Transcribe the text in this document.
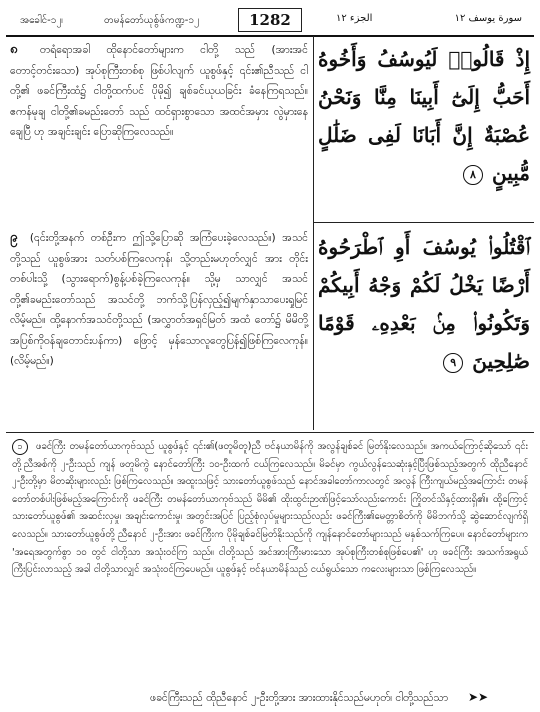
အခေါင်-၁၂၊	တမန်တော်ယုစွ်ဖ်ကဏ္ဍ-၁၂	1282	الجزء ١٢	سورة يوسف ١٢
၈ တရံရောအခါ ထိုနောင်တော်များက ငါတို့ သည် (အားအင်တောင့်တင်းသော) အုပ်စုကြီးတစ်စု ဖြစ်ပါလျက် ယူစွဖ်နှင့် ၎င်း၏ညီသည် ငါတို့၏ ဖခင်ကြီးထံ၌ ငါတို့ထက်ပင် ပိုမို၍ ချစ်ခင်ယုယခြင်း ခံနေကြရသည်။ ဧကန်မုချ ငါတို့၏ခမည်းတော် သည် ထင်ရှားစွာသော အထင်အမှား လွဲမှားနေချေပြီ ဟု အချင်းချင်း ပြောဆိုကြလေသည်။
إِذْ قَالُوا۟ لَيُوسُفُ وَأَخُوهُ أَحَبُّ إِلَىٰٓ أَبِينَا مِنَّا وَنَحْنُ عُصْبَةٌ إِنَّ أَبَانَا لَفِى ضَلَٰلٍ مُّبِينٍ ٨
၉ (၎င်းတို့အနက် တစ်ဦးက ဤသို့ပြောဆို အကြံပေးခဲ့လေသည်။) အသင်တို့သည် ယူစွဖ်အား သတ်ပစ်ကြလေကုန်၊ သို့တည်းမဟုတ်လျှင် အား တိုင်း တစ်ပါးသို့ (သွားရောက်)စွန့်ပစ်ခဲ့ကြလေကုန်။ သို့မှ သာလျှင် အသင်တို့၏ခမည်းတော်သည် အသင်တို့ ဘက်သို့ပြန်လှည့်၍မျက်နှာသာပေးရှုမြင်လိမ့်မည်။ ထို့နောက်အသင်တို့သည် (အလွှာတ်အရှင်မြတ် အထံ တော်၌ မိမိတို့အပြစ်ကိုဝန်ချတောင်းပန်ကာ) ဖြောင့် မှန်သောလူတွေပြန်၍ဖြစ်ကြလေကုန်။ (လိမ့်မည်။)
ٱقْتُلُوا۟ يُوسُفَ أَوِ ٱطْرَحُوهُ أَرْضًا يَخْلُ لَكُمْ وَجْهُ أَبِيكُمْ وَتَكُونُوا۟ مِنۢ بَعْدِهِۦ قَوْمًا صَٰلِحِينَ ٩
၁ ဖခင်ကြီး တမန်တော်ယာကုဗ်သည် ယူစွဖ်နှင့် ၎င်း၏(ဖတူမိတူ)ညီ ဗင်နယာမိန်ကို အလွန်ချစ်ခင် မြတ်နိုးလေသည်။ အကယ်ကြောင့်ဆိုသော် ၎င်းတို့ညီအစ်ကို ၂-ဦးသည် ကျန် ဖတူမိကွဲ နောင်တော်ကြီး ၁၀-ဦးထက် ငယ်ကြလေသည်။ မိခင်မှာ ကွယ်လွန်သေဆုံးနှင့်ပြီးဖြစ်သည့်အတွက် ထိုညီနောင် ၂-ဦးတို့မှာ မိတဆိုးများလည်း ဖြစ်ကြလေသည်။ အထူးသဖြင့် သားတော်ယူစွဖ်သည် နောင်အခါတော်ကာလတွင် အလွန် ကြီးကျယ်မည့်အကြောင်း တမန်တော်တစ်ပါးဖြစ်မည့်အကြောင်းကို ဖခင်ကြီး တမန်တော်ယာကုဗ်သည် မိမိ၏ ထိုးထွင်းဉာဏ်ဖြင့်သော်လည်းကောင်း ကြိုတင်သိနှင့်ထားရှိ၏။ ထို့ကြောင့် သားတော်ယူစွဖ်၏ အဆင်းလှမှု၊ အချင်းကောင်းမှု၊ အတွင်းအပြင် ပြည့်စုံလှပ်မှုများသည်လည်း ဖခင်ကြီး၏မေတ္တာစိတ်ကို မိမိဘက်သို့ ဆွဲဆောင်လျက်ရှိလေသည်။ သားတော်ယူစွဖ်တို့ ညီနောင် ၂-ဦးအား ဖခင်ကြီးက ပိုမိုချစ်ခင်မြတ်နိုးသည်ကို ကျန်နောင်တော်များသည် မနှစ်သက်ကြပေ။ နောင်တော်များက 'အရေအတွက်စွာ ၁၀ တွင် ငါတို့သာ အသုံးဝင်ကြ သည်။ ငါတို့သည် အင်အားကြီးမားသော အုပ်စုကြီးတစ်စုဖြစ်ပေ၏' ဟု ဖခင်ကြီး အသက်အရွယ်ကြီးပြင်းလာသည့် အခါ ငါတို့သာလျှင် အသုံးဝင်ကြပေမည်။ ယူစွဖ်နှင့် ဗင်နယာမိန်သည် ငယ်ရွယ်သော ကလေးများသာ ဖြစ်ကြလေသည်။
ဖခင်ကြီးသည် ထိုညီနောင် ၂-ဦးတို့အား အားထားနိုင်သည်မဟုတ်၊ ငါတို့သည်သာ ➤➤
